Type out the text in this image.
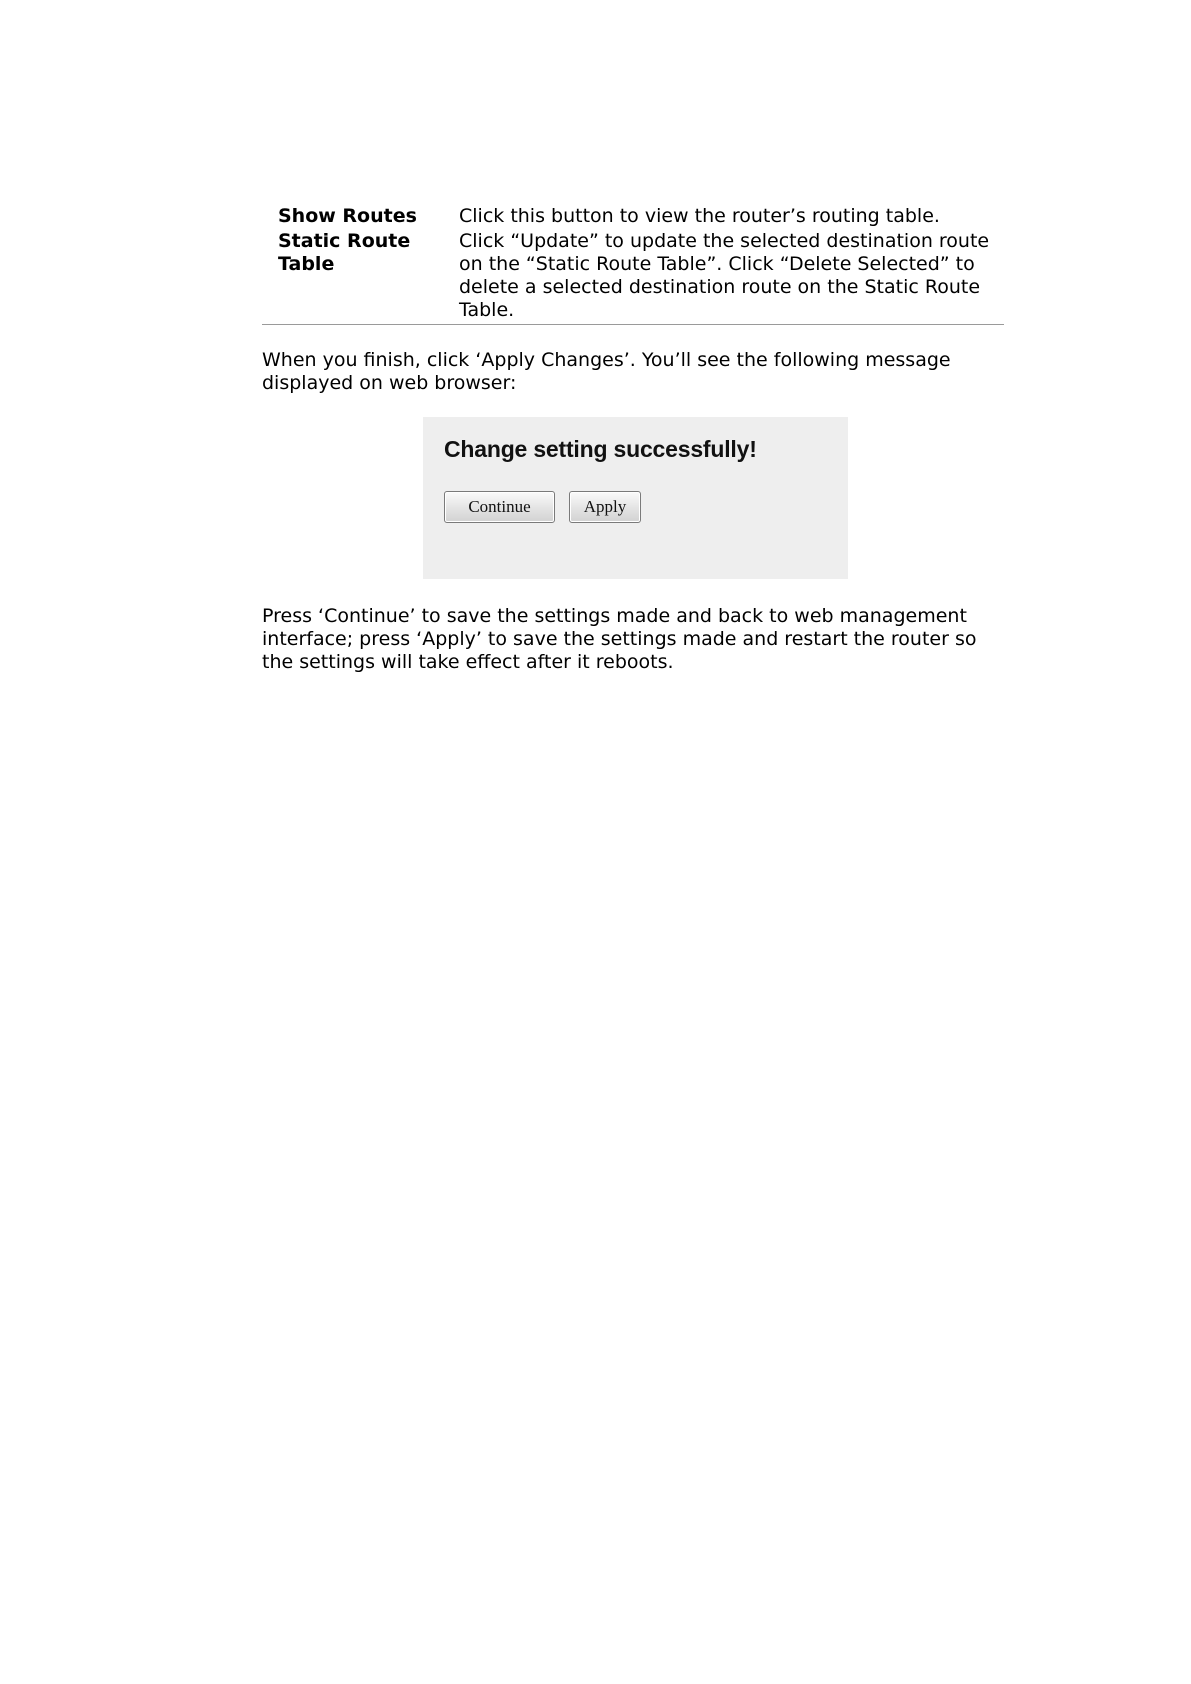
Show Routes	Click this button to view the router’s routing table.
Static Route Table	Click “Update” to update the selected destination route on the “Static Route Table”. Click “Delete Selected” to delete a selected destination route on the Static Route Table.

When you finish, click ‘Apply Changes’. You’ll see the following message displayed on web browser:

Change setting successfully!
Continue	Apply

Press ‘Continue’ to save the settings made and back to web management interface; press ‘Apply’ to save the settings made and restart the router so the settings will take effect after it reboots.
